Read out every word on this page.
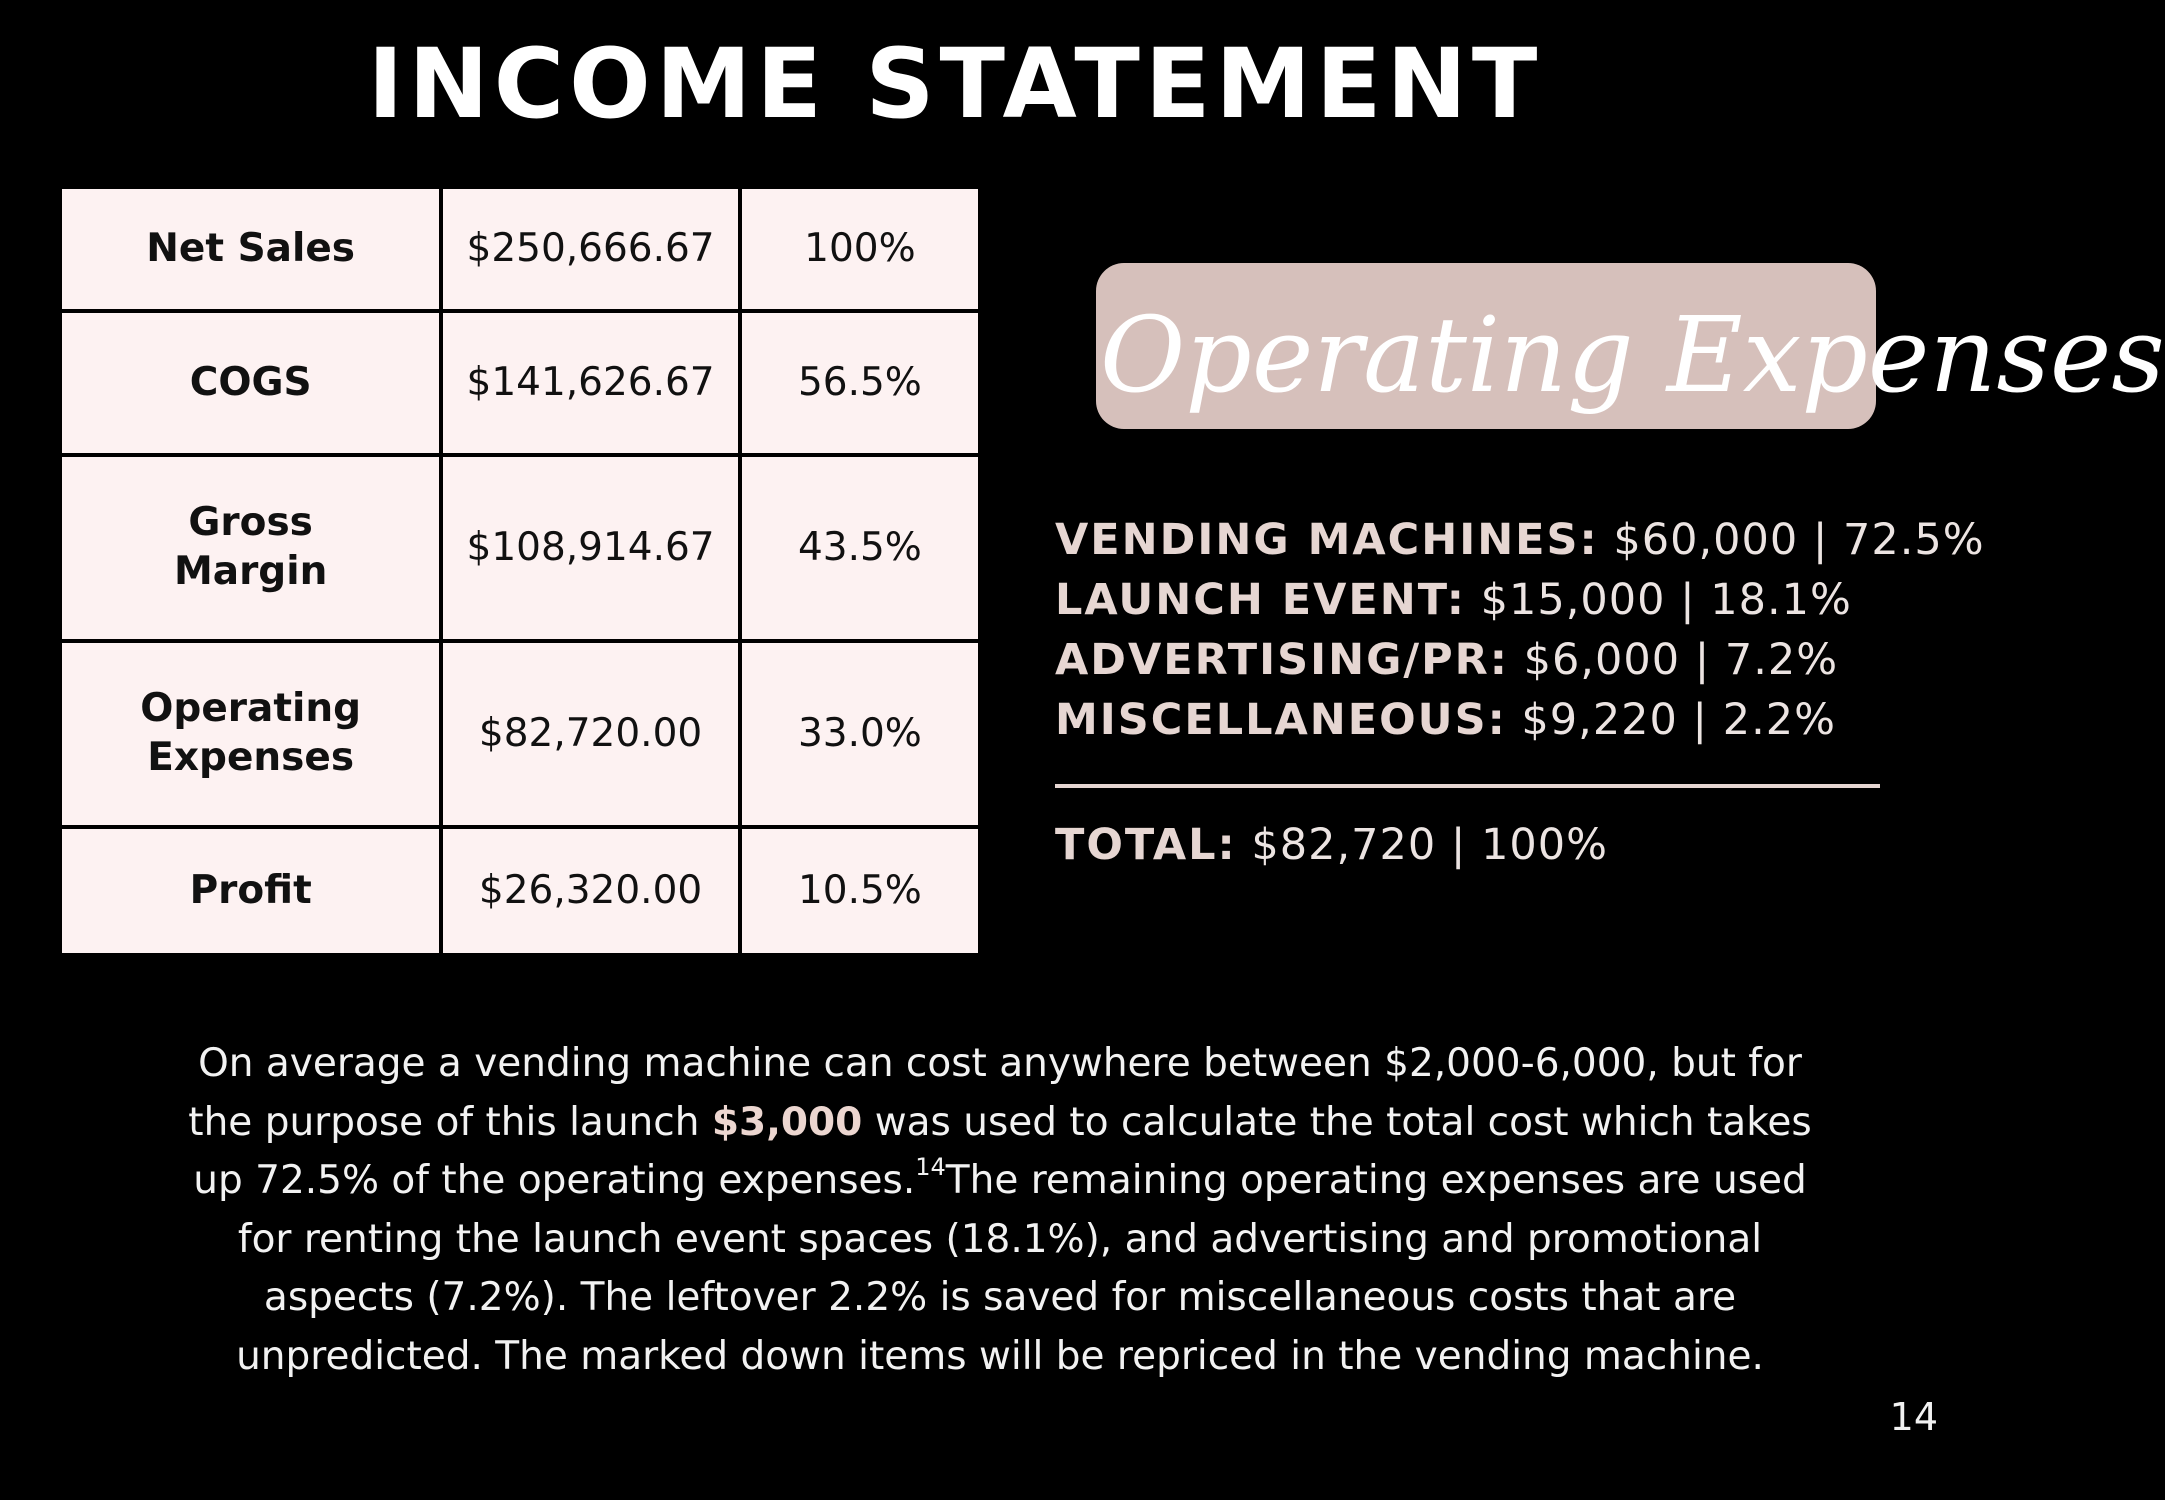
INCOME STATEMENT
Net Sales	$250,666.67	100%
COGS	$141,626.67	56.5%
Gross Margin	$108,914.67	43.5%
Operating Expenses	$82,720.00	33.0%
Profit	$26,320.00	10.5%
Operating Expenses
VENDING MACHINES: $60,000 | 72.5%
LAUNCH EVENT: $15,000 | 18.1%
ADVERTISING/PR: $6,000 | 7.2%
MISCELLANEOUS: $9,220 | 2.2%
TOTAL: $82,720 | 100%
On average a vending machine can cost anywhere between $2,000-6,000, but for the purpose of this launch $3,000 was used to calculate the total cost which takes up 72.5% of the operating expenses.$^{14}$The remaining operating expenses are used for renting the launch event spaces (18.1%), and advertising and promotional aspects (7.2%). The leftover 2.2% is saved for miscellaneous costs that are unpredicted. The marked down items will be repriced in the vending machine.
14
